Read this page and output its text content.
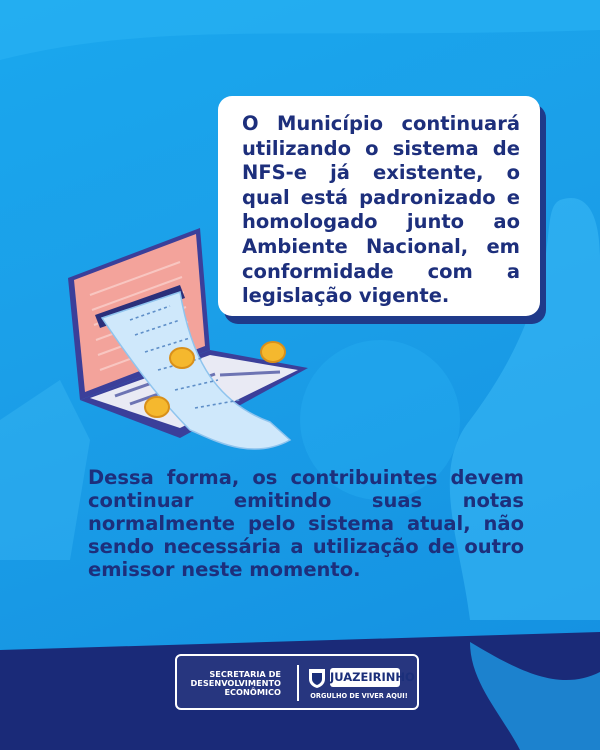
O Município continuará utilizando o sistema de NFS-e já existente, o qual está padronizado e homologado junto ao Ambiente Nacional, em conformidade com a legislação vigente.

Dessa forma, os contribuintes devem continuar emitindo suas notas normalmente pelo sistema atual, não sendo necessária a utilização de outro emissor neste momento.

SECRETARIA DE DESENVOLVIMENTO ECONÔMICO

JUAZEIRINHO

ORGULHO DE VIVER AQUI!
